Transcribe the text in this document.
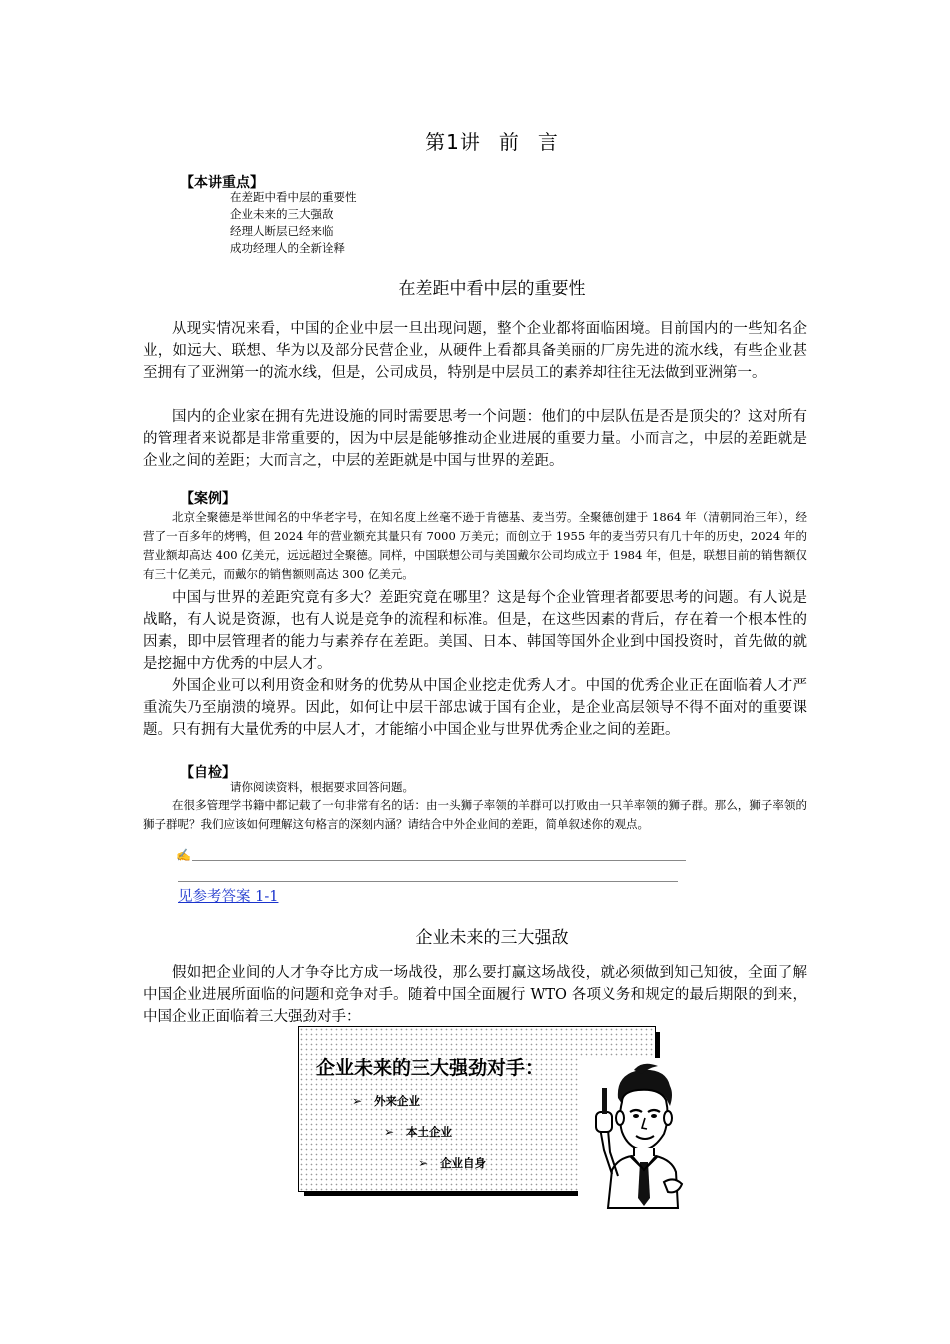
第1讲 前 言
【本讲重点】
在差距中看中层的重要性
企业未来的三大强敌
经理人断层已经来临
成功经理人的全新诠释
在差距中看中层的重要性

从现实情况来看，中国的企业中层一旦出现问题，整个企业都将面临困境。目前国内的一些知名企业，如远大、联想、华为以及部分民营企业，从硬件上看都具备美丽的厂房先进的流水线，有些企业甚至拥有了亚洲第一的流水线，但是，公司成员，特别是中层员工的素养却往往无法做到亚洲第一。

国内的企业家在拥有先进设施的同时需要思考一个问题：他们的中层队伍是否是顶尖的？这对所有的管理者来说都是非常重要的，因为中层是能够推动企业进展的重要力量。小而言之，中层的差距就是企业之间的差距；大而言之，中层的差距就是中国与世界的差距。

【案例】

北京全聚德是举世闻名的中华老字号，在知名度上丝毫不逊于肯德基、麦当劳。全聚德创建于 1864 年（清朝同治三年），经营了一百多年的烤鸭，但 2024 年的营业额充其量只有 7000 万美元；而创立于 1955 年的麦当劳只有几十年的历史，2024 年的营业额却高达 400 亿美元，远远超过全聚德。同样，中国联想公司与美国戴尔公司均成立于 1984 年，但是，联想目前的销售额仅有三十亿美元，而戴尔的销售额则高达 300 亿美元。

中国与世界的差距究竟有多大？差距究竟在哪里？这是每个企业管理者都要思考的问题。有人说是战略，有人说是资源，也有人说是竞争的流程和标准。但是，在这些因素的背后，存在着一个根本性的因素，即中层管理者的能力与素养存在差距。美国、日本、韩国等国外企业到中国投资时，首先做的就是挖掘中方优秀的中层人才。

外国企业可以利用资金和财务的优势从中国企业挖走优秀人才。中国的优秀企业正在面临着人才严重流失乃至崩溃的境界。因此，如何让中层干部忠诚于国有企业，是企业高层领导不得不面对的重要课题。只有拥有大量优秀的中层人才，才能缩小中国企业与世界优秀企业之间的差距。

【自检】
请你阅读资料，根据要求回答问题。

在很多管理学书籍中都记载了一句非常有名的话：由一头狮子率领的羊群可以打败由一只羊率领的狮子群。那么，狮子率领的狮子群呢？我们应该如何理解这句格言的深刻内涵？请结合中外企业间的差距，简单叙述你的观点。

✍
见参考答案 1-1
企业未来的三大强敌

假如把企业间的人才争夺比方成一场战役，那么要打赢这场战役，就必须做到知己知彼，全面了解中国企业进展所面临的问题和竞争对手。随着中国全面履行 WTO 各项义务和规定的最后期限的到来，中国企业正面临着三大强劲对手：

企业未来的三大强劲对手：
➢ 外来企业
➢ 本土企业
➢ 企业自身
